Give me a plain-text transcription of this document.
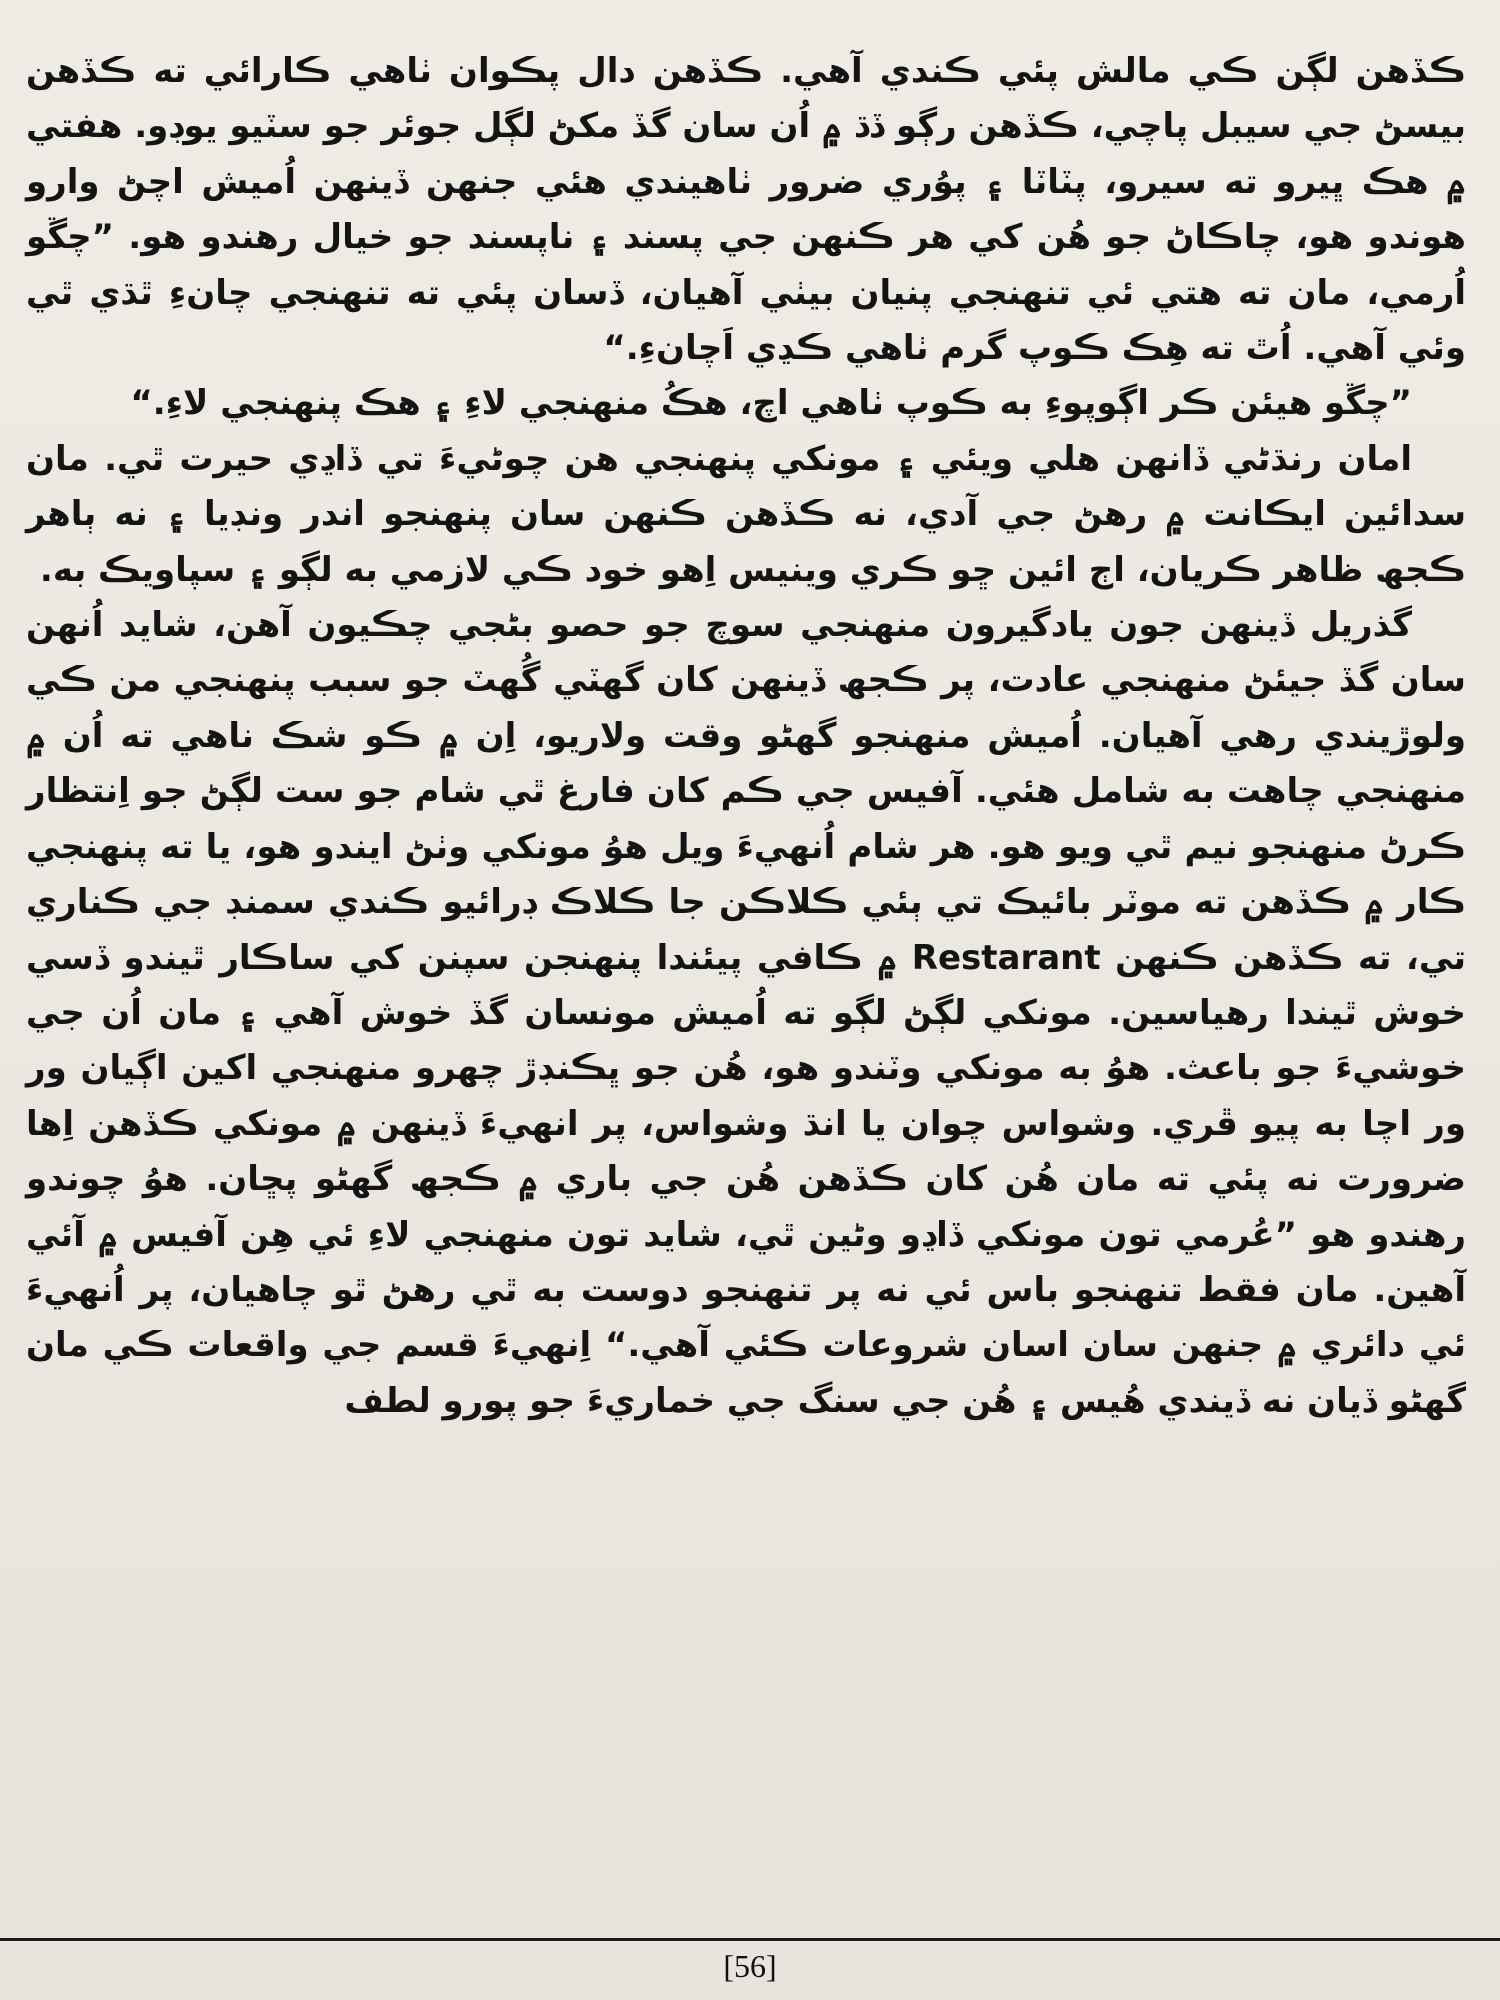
ڪڏهن لڳن ڪي مالش پئي ڪندي آهي. ڪڏهن دال پڪوان ٺاهي ڪارائي ته ڪڏهن بيسڻ جي سيبل پاچي، ڪڏهن رڳو ڏڌ ۾ اُن سان گڏ مکڻ لڳل جوئر جو سٽيو يوڊو. هفتي ۾ هڪ ڀيرو ته سيرو، پٽاٽا ۽ پوُري ضرور ٺاهيندي هئي جنهن ڏينهن اُميش اچڻ وارو هوندو هو، چاڪاڻ جو هُن کي هر ڪنهن جي پسند ۽ ناپسند جو خيال رهندو هو. ”چڱو اُرمي، مان ته هتي ئي تنهنجي پنيان بيٺي آهيان، ڏسان پئي ته تنهنجي چانءِ ٿڌي ٿي وئي آهي. اُٿ ته هِڪ ڪوپ گرم ٺاهي ڪڍي اَچانءِ.“

”چڱو هيئن ڪر اڳوپوءِ به ڪوپ ٺاهي اچ، هڪُ منهنجي لاءِ ۽ هڪ پنهنجي لاءِ.“

امان رنڌڻي ڏانهن هلي ويئي ۽ مونکي پنهنجي هن چوڻيءَ تي ڏاڍي حيرت ٿي. مان سدائين ايڪانت ۾ رهڻ جي آدي، نه ڪڏهن ڪنهن سان پنهنجو اندر ونڊيا ۽ نه ٻاهر ڪجھ ظاهر ڪريان، اڄ ائين ڇو ڪري وينيس اِهو خود ڪي لازمي به لڳو ۽ سپاويڪ به.

گذريل ڏينهن جون يادگيرون منهنجي سوچ جو حصو بڻجي چڪيون آهن، شايد اُنهن سان گڏ جيئڻ منهنجي عادت، پر ڪجھ ڏينهن کان گهٽي گُهٽ جو سبب پنهنجي من ڪي ولوڙيندي رهي آهيان. اُميش منهنجو گهڻو وقت ولاريو، اِن ۾ ڪو شڪ ناهي ته اُن ۾ منهنجي چاهت به شامل هئي. آفيس جي ڪم کان فارغ ٿي شام جو ست لڳڻ جو اِنتظار ڪرڻ منهنجو نيم ٿي ويو هو. هر شام اُنهيءَ ويل هوُ مونکي وٺڻ ايندو هو، يا ته پنهنجي ڪار ۾ ڪڏهن ته موٽر بائيڪ تي ٻئي ڪلاڪن جا ڪلاڪ ڊرائيو ڪندي سمنڊ جي ڪناري تي، ته ڪڏهن ڪنهن Restarant ۾ ڪافي پيئندا پنهنجن سپنن کي ساڪار ٿيندو ڏسي خوش ٿيندا رهياسين. مونکي لڳڻ لڳو ته اُميش مونسان گڏ خوش آهي ۽ مان اُن جي خوشيءَ جو باعث. هوُ به مونکي وٽندو هو، هُن جو ڀڪنڊڙ چهرو منهنجي اکين اڳيان ور ور اچا به پيو ڦري. وشواس چوان يا انڌ وشواس، پر انهيءَ ڏينهن ۾ مونکي ڪڏهن اِها ضرورت نه پئي ته مان هُن کان ڪڏهن هُن جي باري ۾ ڪجھ گهڻو پڇان. هوُ چوندو رهندو هو ”عُرمي تون مونکي ڏاڍو وڻين ٿي، شايد تون منهنجي لاءِ ئي هِن آفيس ۾ آئي آهين. مان فقط تنهنجو باس ئي نه پر تنهنجو دوست به ٿي رهڻ ٿو چاهيان، پر اُنهيءَ ئي دائري ۾ جنهن سان اسان شروعات ڪئي آهي.“ اِنهيءَ قسم جي واقعات ڪي مان گهڻو ڏيان نه ڏيندي هُيس ۽ هُن جي سنگ جي خماريءَ جو پورو لطف

[56]
